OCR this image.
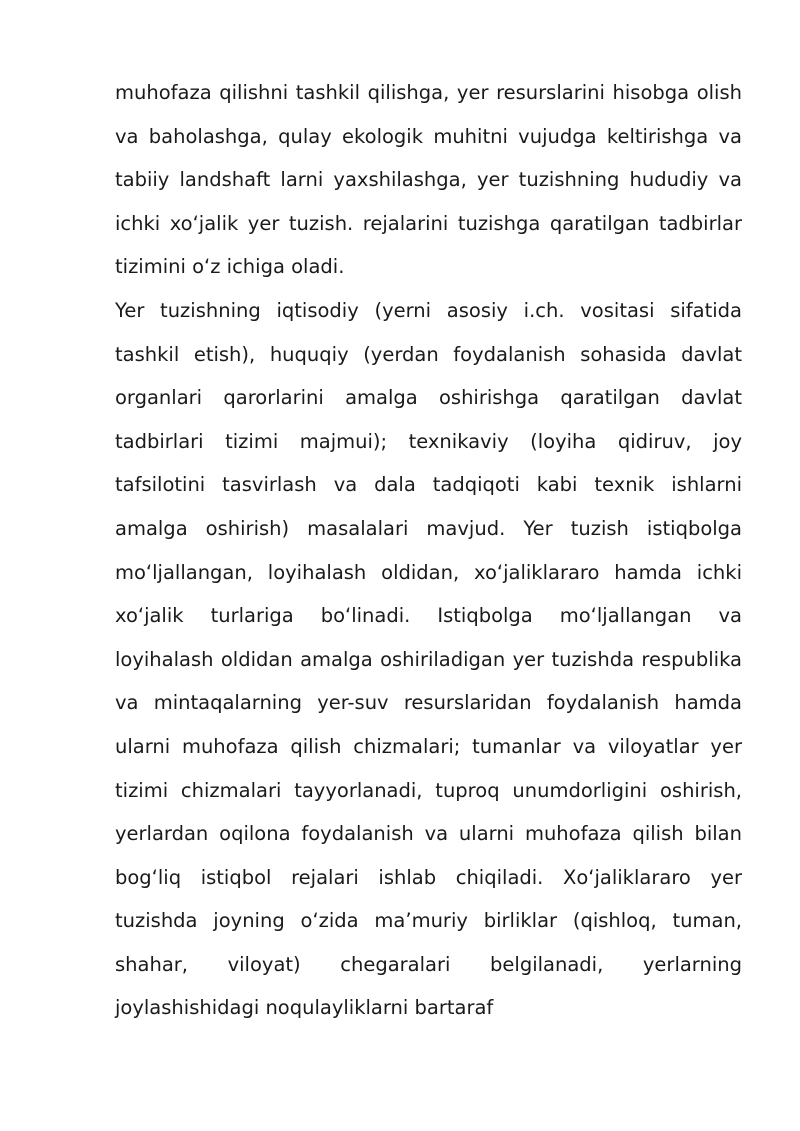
muhofaza qilishni tashkil qilishga, yer resurslarini hisobga olish va baholashga, qulay ekologik muhitni vujudga keltirishga va tabiiy landshaft larni yaxshilashga, yer tuzishning hududiy va ichki xo‘jalik yer tuzish. rejalarini tuzishga qaratilgan tadbirlar tizimini o‘z ichiga oladi.

Yer tuzishning iqtisodiy (yerni asosiy i.ch. vositasi sifatida tashkil etish), huquqiy (yerdan foydalanish sohasida davlat organlari qarorlarini amalga oshirishga qaratilgan davlat tadbirlari tizimi majmui); texnikaviy (loyiha qidiruv, joy tafsilotini tasvirlash va dala tadqiqoti kabi texnik ishlarni amalga oshirish) masalalari mavjud. Yer tuzish istiqbolga mo‘ljallangan, loyihalash oldidan, xo‘jaliklararo hamda ichki xo‘jalik turlariga bo‘linadi. Istiqbolga mo‘ljallangan va loyihalash oldidan amalga oshiriladigan yer tuzishda respublika va mintaqalarning yer-suv resurslaridan foydalanish hamda ularni muhofaza qilish chizmalari; tumanlar va viloyatlar yer tizimi chizmalari tayyorlanadi, tuproq unumdorligini oshirish, yerlardan oqilona foydalanish va ularni muhofaza qilish bilan bog‘liq istiqbol rejalari ishlab chiqiladi. Xo‘jaliklararo yer tuzishda joyning o‘zida ma’muriy birliklar (qishloq, tuman, shahar, viloyat) chegaralari belgilanadi, yerlarning joylashishidagi noqulayliklarni bartaraf
